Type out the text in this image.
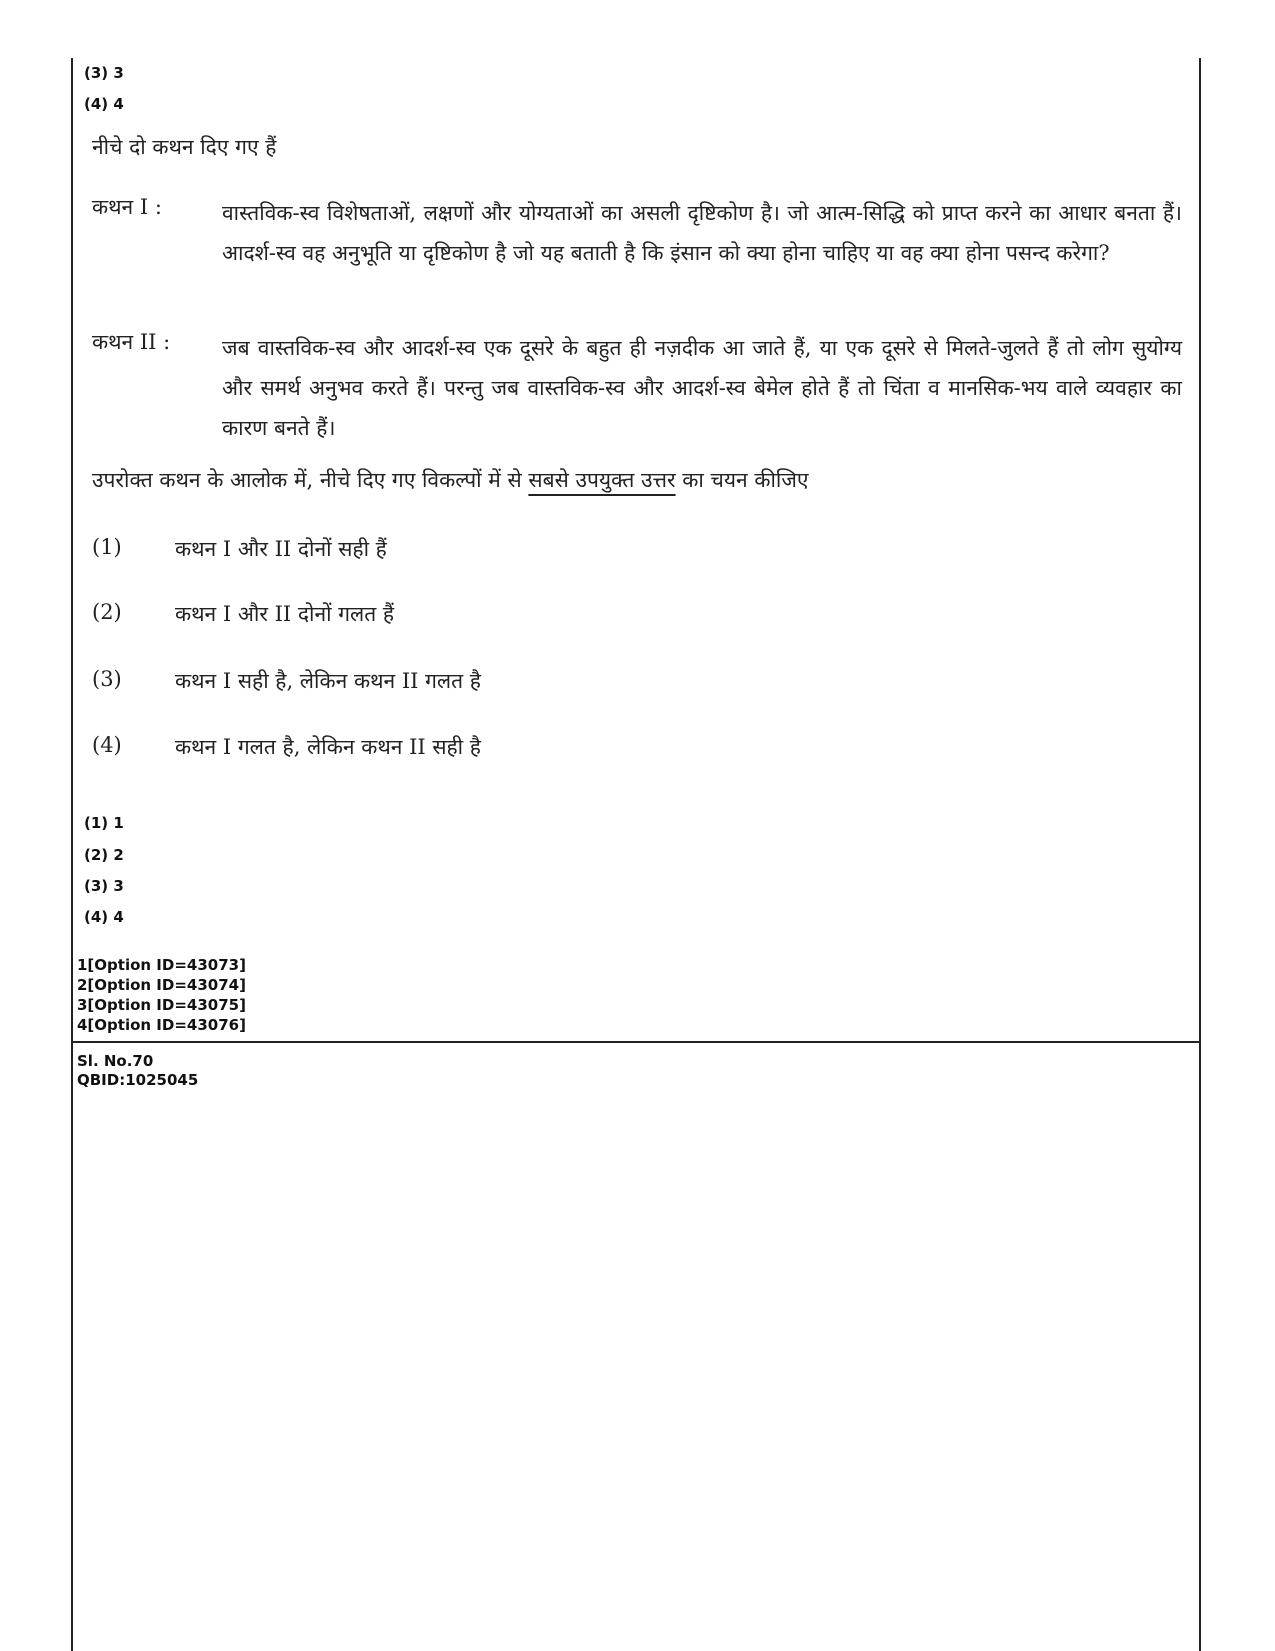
(3) 3
(4) 4
नीचे दो कथन दिए गए हैं
कथन I :	वास्तविक-स्व विशेषताओं, लक्षणों और योग्यताओं का असली दृष्टिकोण है। जो आत्म-सिद्धि को प्राप्त करने का आधार बनता हैं। आदर्श-स्व वह अनुभूति या दृष्टिकोण है जो यह बताती है कि इंसान को क्या होना चाहिए या वह क्या होना पसन्द करेगा?
कथन II :	जब वास्तविक-स्व और आदर्श-स्व एक दूसरे के बहुत ही नज़दीक आ जाते हैं, या एक दूसरे से मिलते-जुलते हैं तो लोग सुयोग्य और समर्थ अनुभव करते हैं। परन्तु जब वास्तविक-स्व और आदर्श-स्व बेमेल होते हैं तो चिंता व मानसिक-भय वाले व्यवहार का कारण बनते हैं।
उपरोक्त कथन के आलोक में, नीचे दिए गए विकल्पों में से सबसे उपयुक्त उत्तर का चयन कीजिए
(1)	कथन I और II दोनों सही हैं
(2)	कथन I और II दोनों गलत हैं
(3)	कथन I सही है, लेकिन कथन II गलत है
(4)	कथन I गलत है, लेकिन कथन II सही है
(1) 1
(2) 2
(3) 3
(4) 4
1[Option ID=43073]
2[Option ID=43074]
3[Option ID=43075]
4[Option ID=43076]
Sl. No.70
QBID:1025045
